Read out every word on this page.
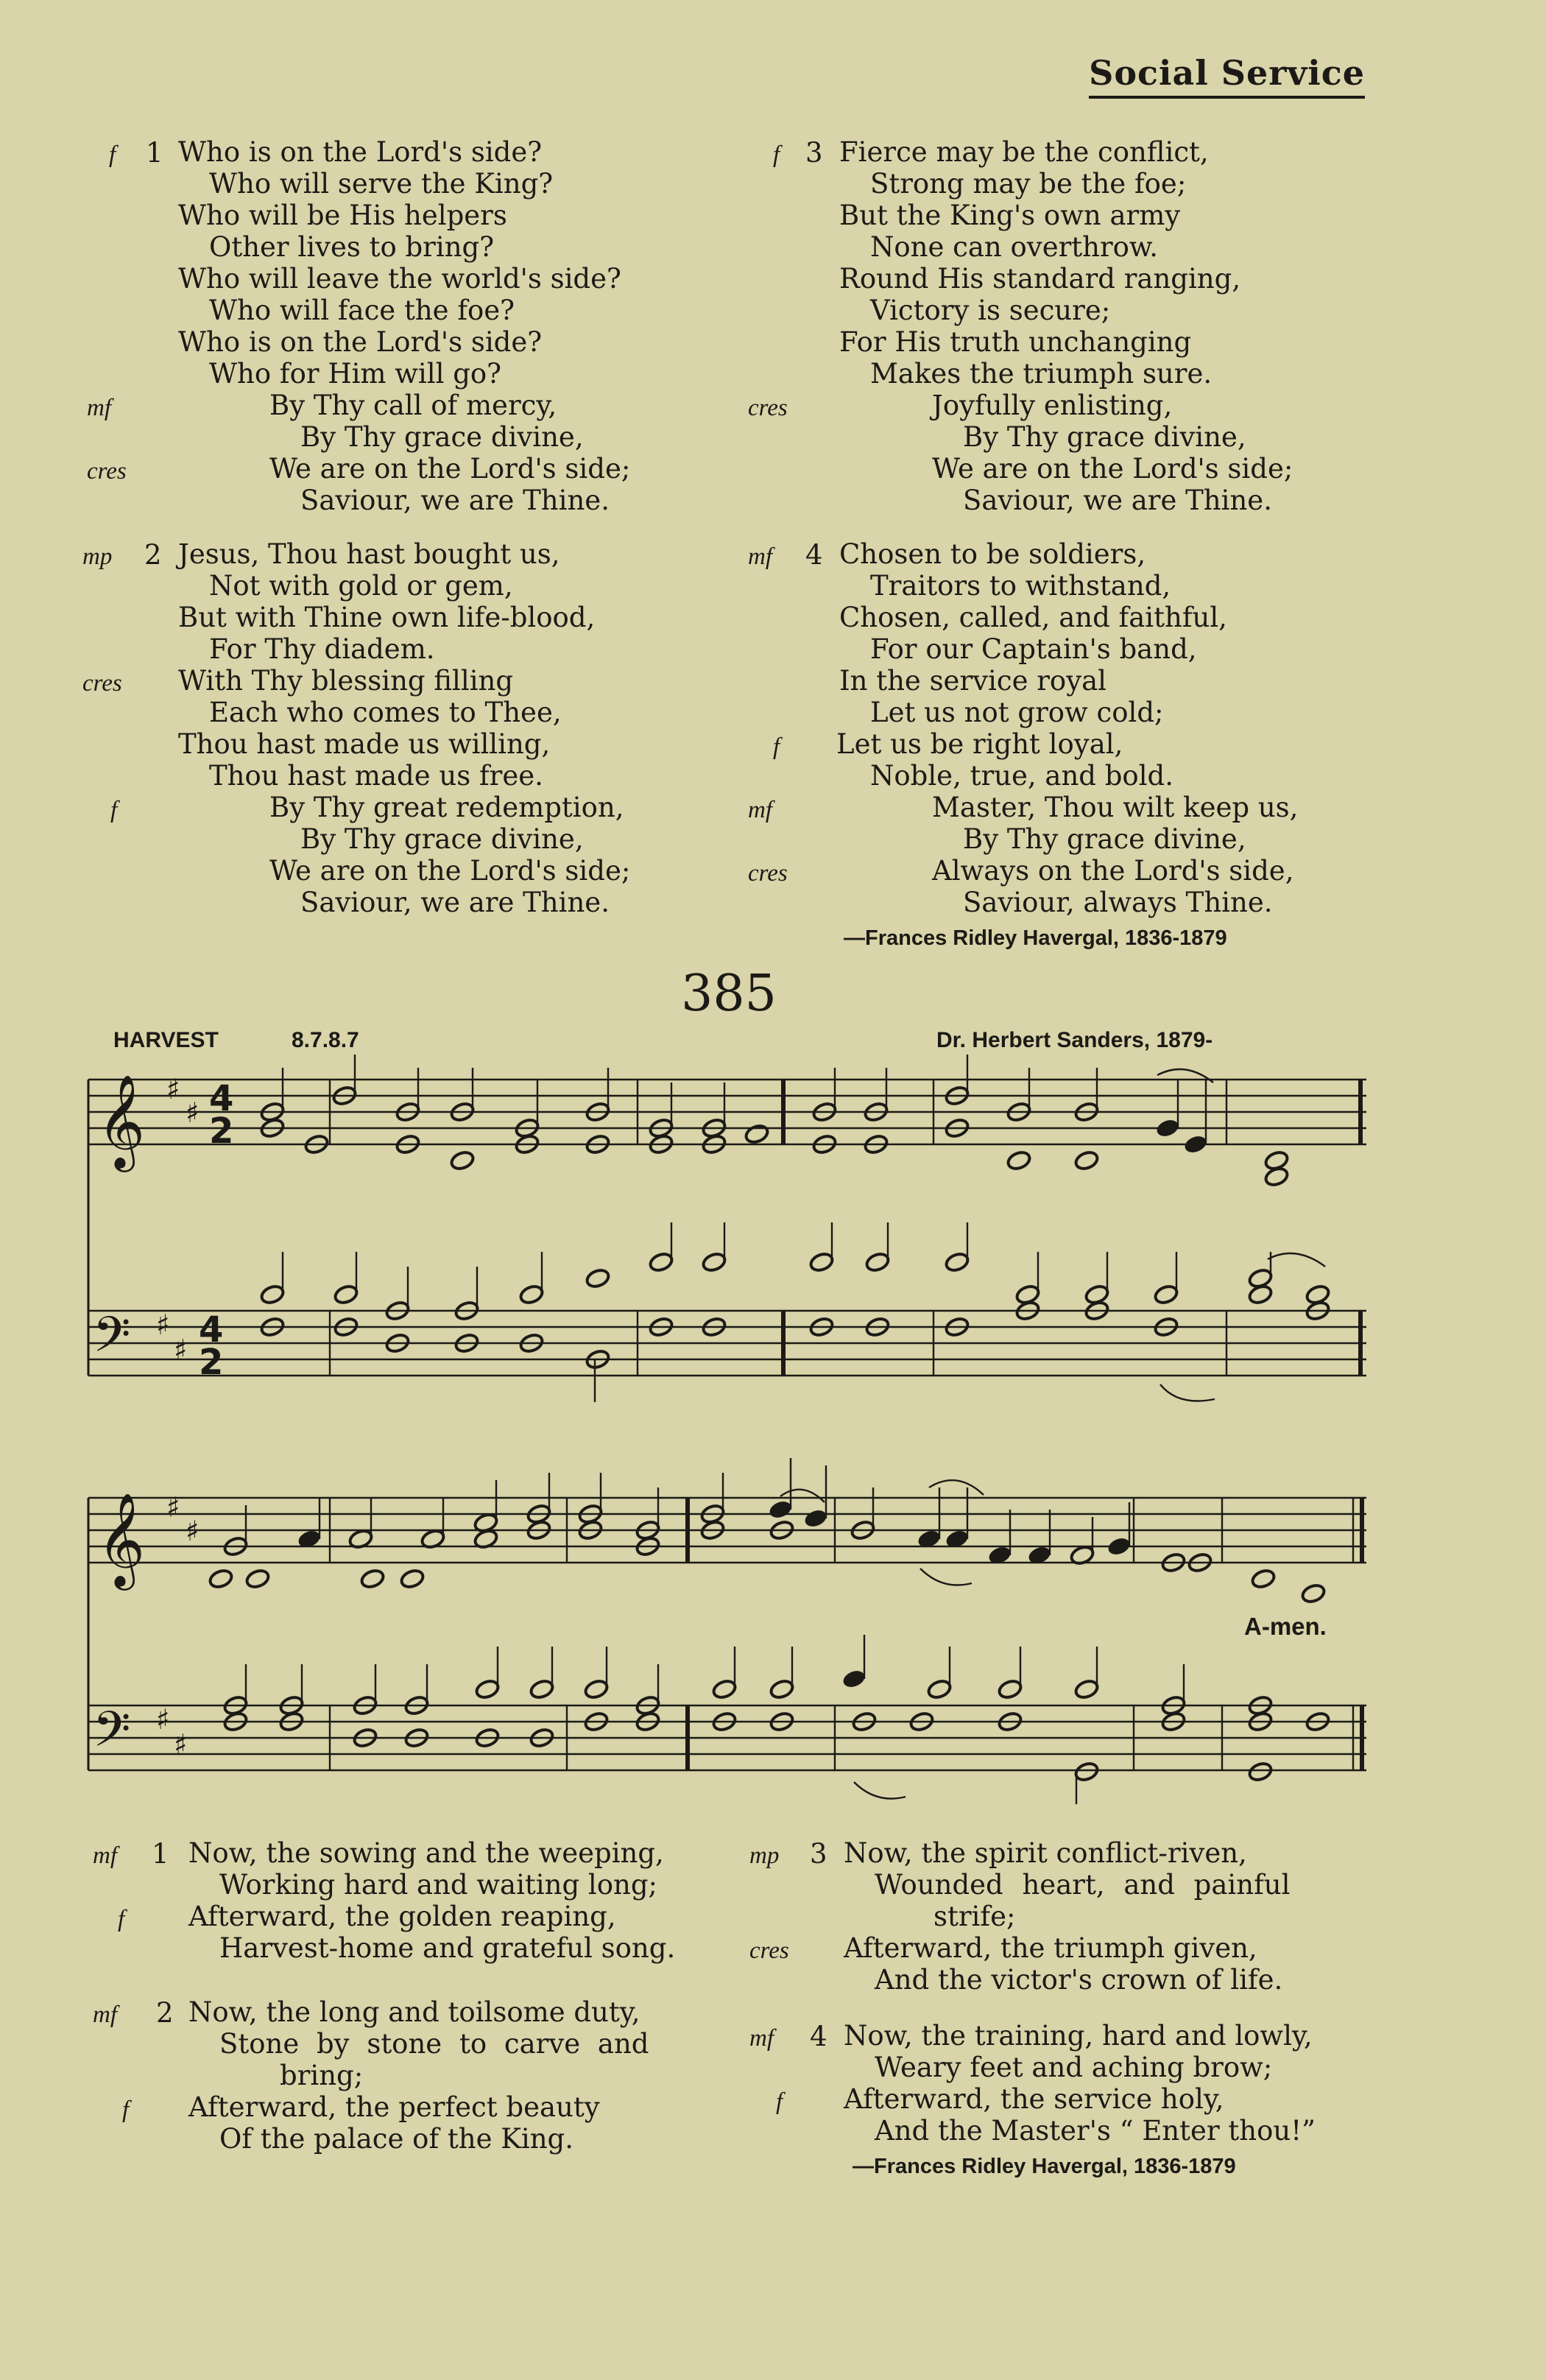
Social Service
f 1 Who is on the Lord's side?
Who will serve the King?
Who will be His helpers
Other lives to bring?
Who will leave the world's side?
Who will face the foe?
Who is on the Lord's side?
Who for Him will go?
mf	By Thy call of mercy,
By Thy grace divine,
cres	We are on the Lord's side;
Saviour, we are Thine.
mp 2 Jesus, Thou hast bought us,
Not with gold or gem,
But with Thine own life-blood,
For Thy diadem.
cres With Thy blessing filling
Each who comes to Thee,
Thou hast made us willing,
Thou hast made us free.
f	By Thy great redemption,
By Thy grace divine,
We are on the Lord's side;
Saviour, we are Thine.
f 3 Fierce may be the conflict,
Strong may be the foe;
But the King's own army
None can overthrow.
Round His standard ranging,
Victory is secure;
For His truth unchanging
Makes the triumph sure.
cres	Joyfully enlisting,
By Thy grace divine,
We are on the Lord's side;
Saviour, we are Thine.
mf 4 Chosen to be soldiers,
Traitors to withstand,
Chosen, called, and faithful,
For our Captain's band,
In the service royal
Let us not grow cold;
f Let us be right loyal,
Noble, true, and bold.
mf	Master, Thou wilt keep us,
By Thy grace divine,
cres	Always on the Lord's side,
Saviour, always Thine.
—Frances Ridley Havergal, 1836-1879
385
HARVEST	8.7.8.7	Dr. Herbert Sanders, 1879-
𝄞
𝄢
𝄞
𝄢
♯
♯
♯
♯
♯
♯
♯
♯
4
2
4
2
A-men.
mf 1 Now, the sowing and the weeping,
Working hard and waiting long;
f Afterward, the golden reaping,
Harvest-home and grateful song.
mf 2 Now, the long and toilsome duty,
Stone by stone to carve and
bring;
f Afterward, the perfect beauty
Of the palace of the King.
mp 3 Now, the spirit conflict-riven,
Wounded heart, and painful
strife;
cres Afterward, the triumph given,
And the victor's crown of life.
mf 4 Now, the training, hard and lowly,
Weary feet and aching brow;
f Afterward, the service holy,
And the Master's “ Enter thou!”
—Frances Ridley Havergal, 1836-1879
